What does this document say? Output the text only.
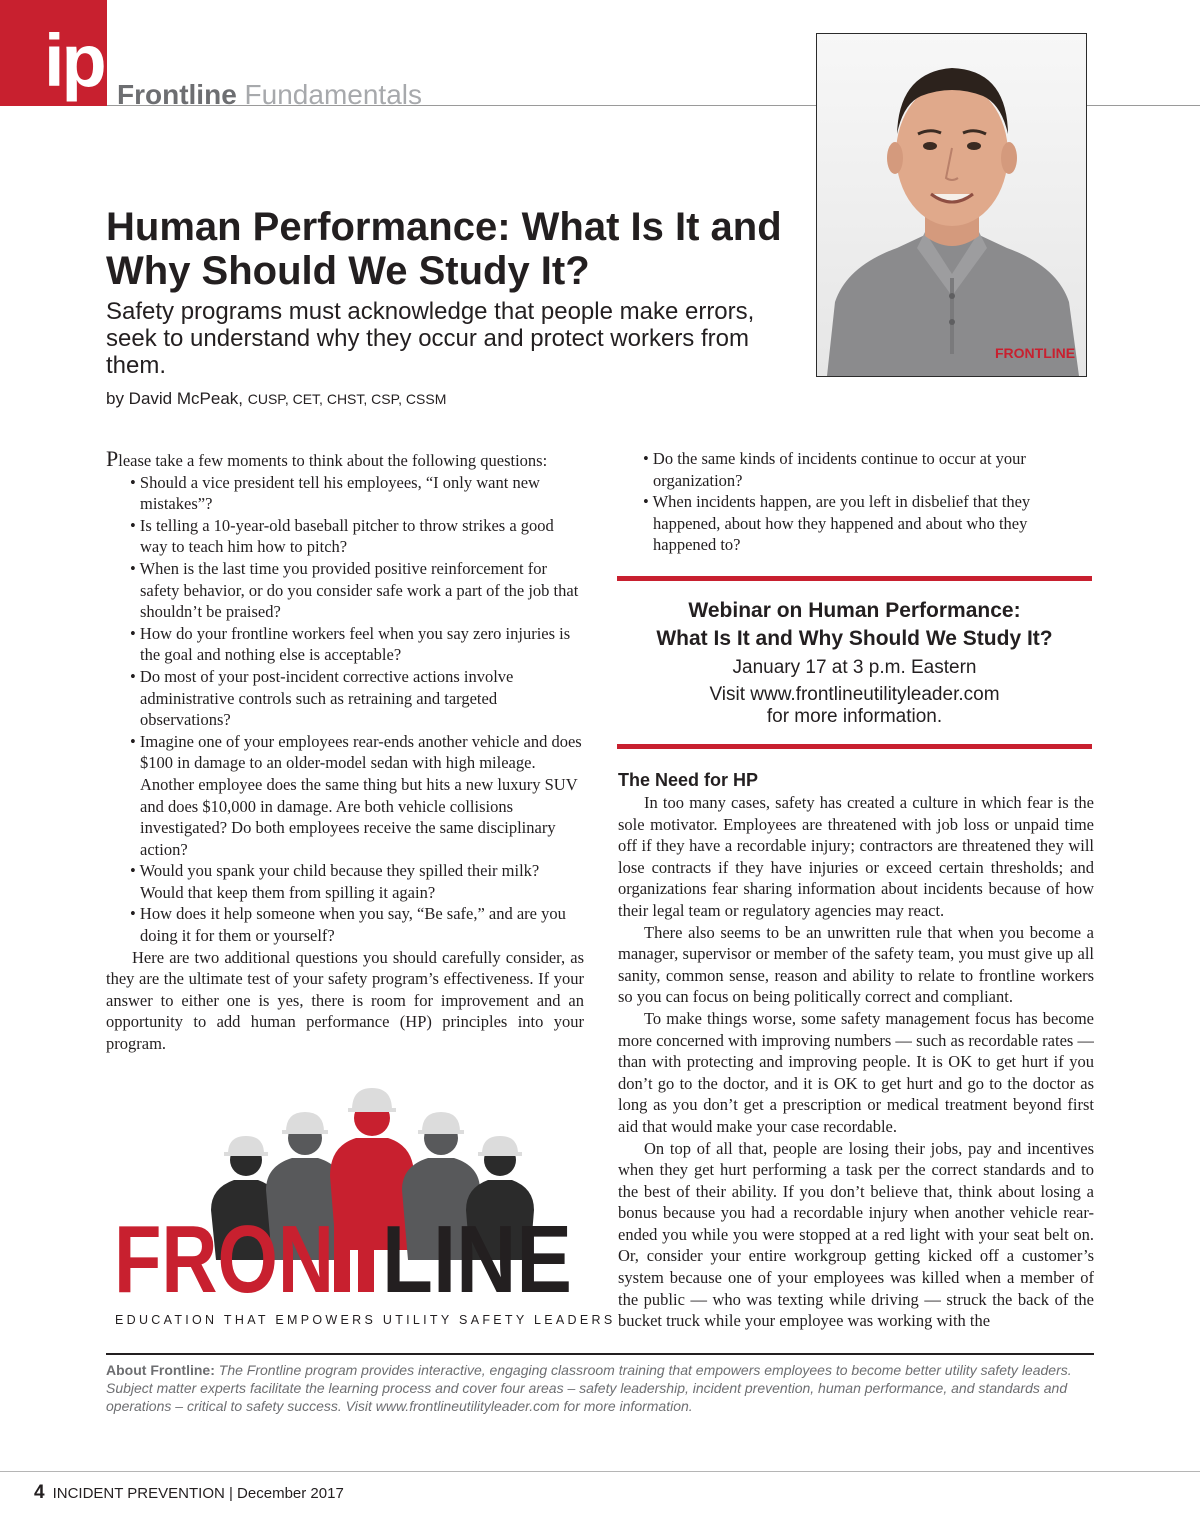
ip Frontline Fundamentals
FRONTLINE
Human Performance: What Is It and Why Should We Study It?

Safety programs must acknowledge that people make errors, seek to understand why they occur and protect workers from them.

by David McPeak, CUSP, CET, CHST, CSP, CSSM
Please take a few moments to think about the following questions:
• Should a vice president tell his employees, “I only want new mistakes”?
• Is telling a 10-year-old baseball pitcher to throw strikes a good way to teach him how to pitch?
• When is the last time you provided positive reinforcement for safety behavior, or do you consider safe work a part of the job that shouldn’t be praised?
• How do your frontline workers feel when you say zero injuries is the goal and nothing else is acceptable?
• Do most of your post-incident corrective actions involve administrative controls such as retraining and targeted observations?
• Imagine one of your employees rear-ends another vehicle and does $100 in damage to an older-model sedan with high mileage. Another employee does the same thing but hits a new luxury SUV and does $10,000 in damage. Are both vehicle collisions investigated? Do both employees receive the same disciplinary action?
• Would you spank your child because they spilled their milk? Would that keep them from spilling it again?
• How does it help someone when you say, “Be safe,” and are you doing it for them or yourself?

Here are two additional questions you should carefully consider, as they are the ultimate test of your safety program’s effectiveness. If your answer to either one is yes, there is room for improvement and an opportunity to add human performance (HP) principles into your program.

• Do the same kinds of incidents continue to occur at your organization?
• When incidents happen, are you left in disbelief that they happened, about how they happened and about who they happened to?
Webinar on Human Performance:
What Is It and Why Should We Study It?
January 17 at 3 p.m. Eastern
Visit www.frontlineutilityleader.com
for more information.
The Need for HP

In too many cases, safety has created a culture in which fear is the sole motivator. Employees are threatened with job loss or unpaid time off if they have a recordable injury; contractors are threatened they will lose contracts if they have injuries or exceed certain thresholds; and organizations fear sharing information about incidents because of how their legal team or regulatory agencies may react.

There also seems to be an unwritten rule that when you become a manager, supervisor or member of the safety team, you must give up all sanity, common sense, reason and ability to relate to frontline workers so you can focus on being politically correct and compliant.

To make things worse, some safety management focus has become more concerned with improving numbers — such as recordable rates — than with protecting and improving people. It is OK to get hurt if you don’t go to the doctor, and it is OK to get hurt and go to the doctor as long as you don’t get a prescription or medical treatment beyond first aid that would make your case recordable.

On top of all that, people are losing their jobs, pay and incentives when they get hurt performing a task per the correct standards and to the best of their ability. If you don’t believe that, think about losing a bonus because you had a recordable injury when another vehicle rear-ended you while you were stopped at a red light with your seat belt on. Or, consider your entire workgroup getting kicked off a customer’s system because one of your employees was killed when a member of the public — who was texting while driving — struck the back of the bucket truck while your employee was working with the

FRON LINE
EDUCATION THAT EMPOWERS UTILITY SAFETY LEADERS
About Frontline: The Frontline program provides interactive, engaging classroom training that empowers employees to become better utility safety leaders. Subject matter experts facilitate the learning process and cover four areas – safety leadership, incident prevention, human performance, and standards and operations – critical to safety success. Visit www.frontlineutilityleader.com for more information.
4 INCIDENT PREVENTION | December 2017
